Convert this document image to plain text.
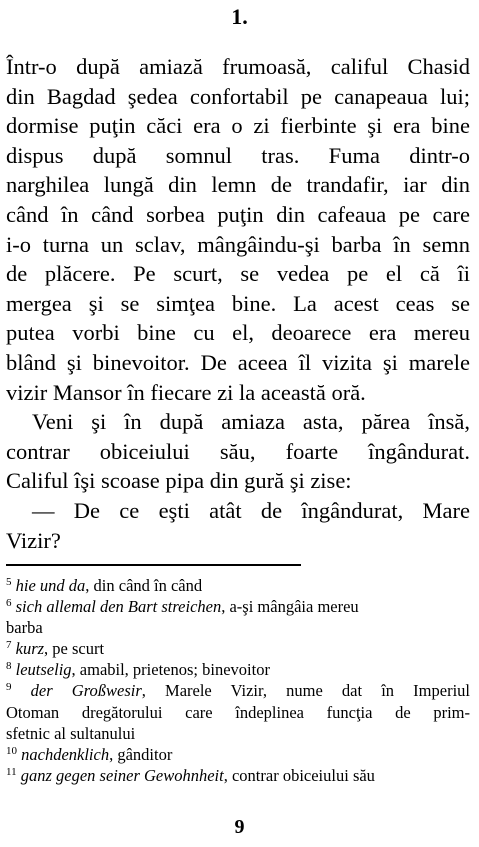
1.
Într-o după amiază frumoasă, califul Chasid
din Bagdad şedea confortabil pe canapeaua lui;
dormise puţin căci era o zi fierbinte şi era bine
dispus după somnul tras. Fuma dintr-o
narghilea lungă din lemn de trandafir, iar din
când în când sorbea puţin din cafeaua pe care
i-o turna un sclav, mângâindu-şi barba în semn
de plăcere. Pe scurt, se vedea pe el că îi
mergea şi se simţea bine. La acest ceas se
putea vorbi bine cu el, deoarece era mereu
blând şi binevoitor. De aceea îl vizita şi marele
vizir Mansor în fiecare zi la această oră.
Veni şi în după amiaza asta, părea însă,
contrar obiceiului său, foarte îngândurat.
Califul îşi scoase pipa din gură şi zise:
— De ce eşti atât de îngândurat, Mare
Vizir?
$^5$ hie und da, din când în când
$^6$ sich allemal den Bart streichen, a-şi mângâia mereu
barba
$^7$ kurz, pe scurt
$^8$ leutselig, amabil, prietenos; binevoitor
$^9$ der Großwesir, Marele Vizir, nume dat în Imperiul
Otoman dregătorului care îndeplinea funcţia de prim-
sfetnic al sultanului
$^{10}$ nachdenklich, gânditor
$^{11}$ ganz gegen seiner Gewohnheit, contrar obiceiului său
9
